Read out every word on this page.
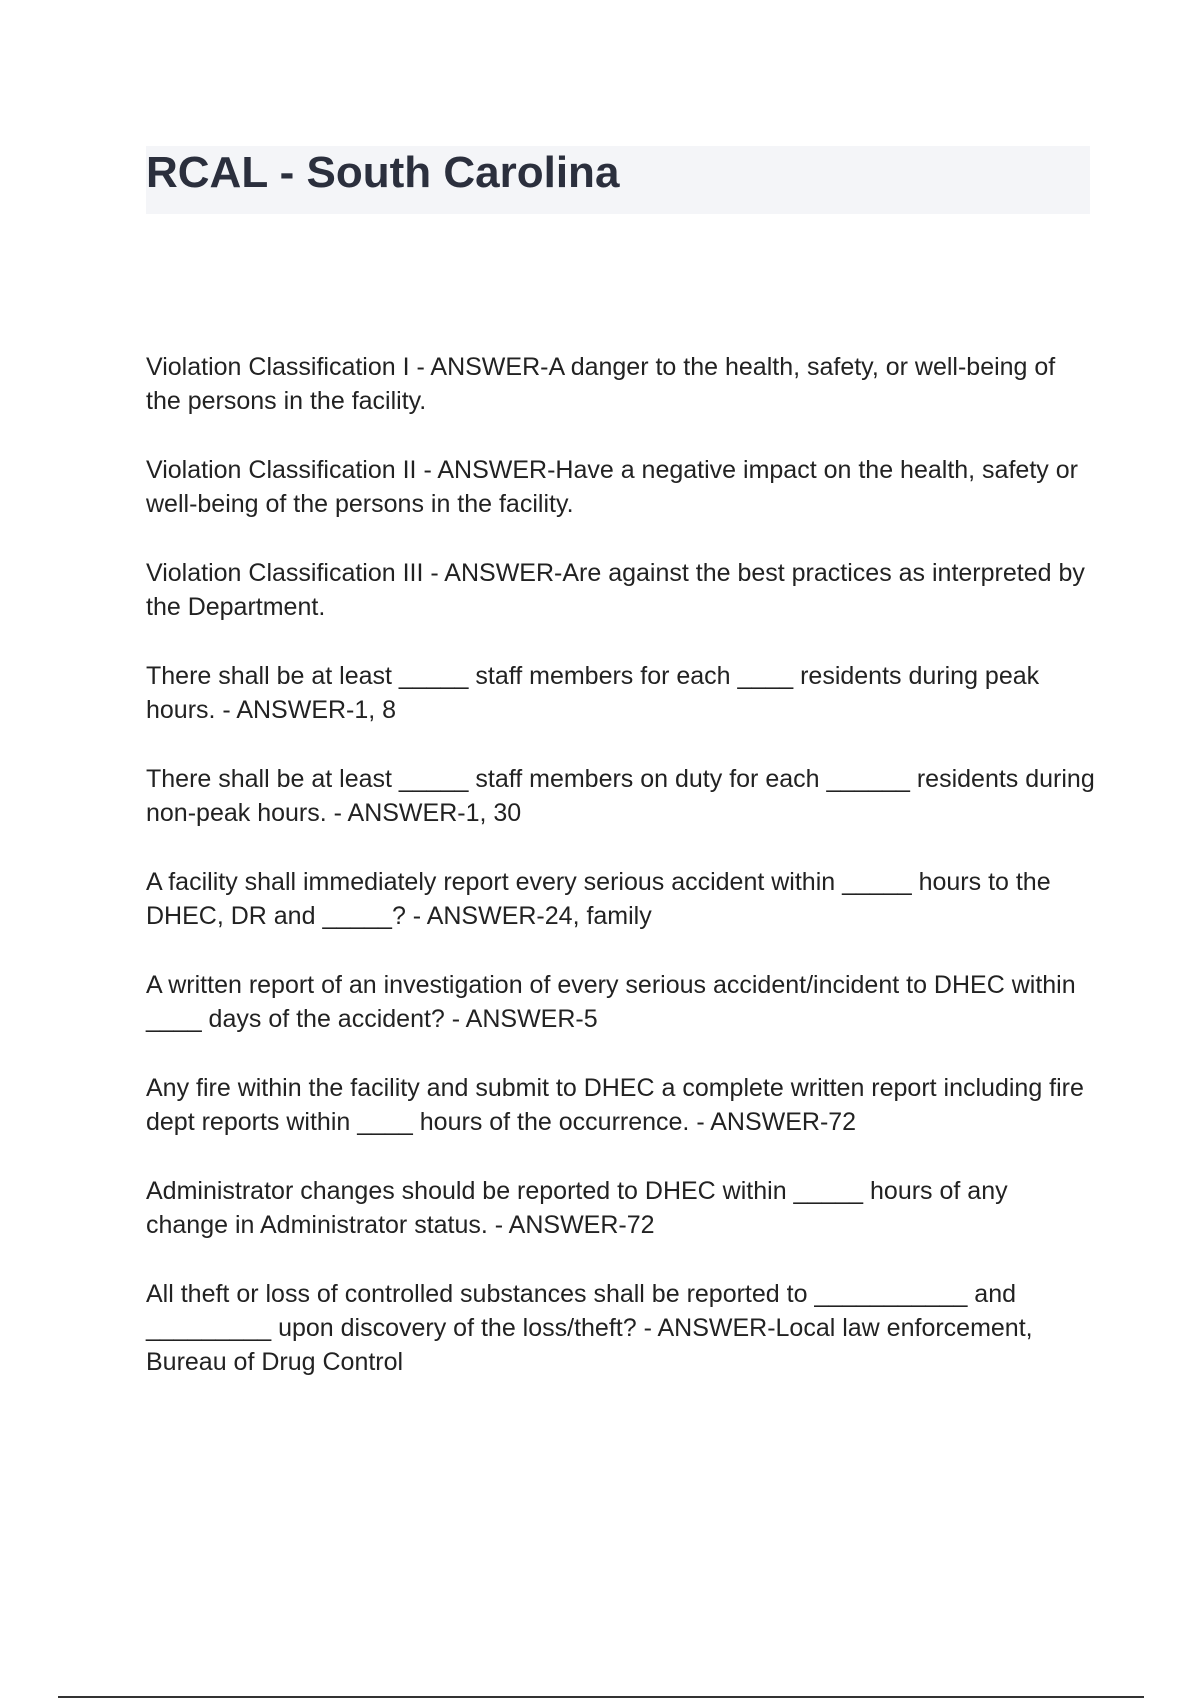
RCAL - South Carolina
Violation Classification I - ANSWER-A danger to the health, safety, or well-being of the persons in the facility.
Violation Classification II - ANSWER-Have a negative impact on the health, safety or well-being of the persons in the facility.
Violation Classification III - ANSWER-Are against the best practices as interpreted by the Department.
There shall be at least _____ staff members for each ____ residents during peak hours. - ANSWER-1, 8
There shall be at least _____ staff members on duty for each ______ residents during non-peak hours. - ANSWER-1, 30
A facility shall immediately report every serious accident within _____ hours to the DHEC, DR and _____? - ANSWER-24, family
A written report of an investigation of every serious accident/incident to DHEC within ____ days of the accident? - ANSWER-5
Any fire within the facility and submit to DHEC a complete written report including fire dept reports within ____ hours of the occurrence. - ANSWER-72
Administrator changes should be reported to DHEC within _____ hours of any change in Administrator status. - ANSWER-72
All theft or loss of controlled substances shall be reported to ___________ and _________ upon discovery of the loss/theft? - ANSWER-Local law enforcement, Bureau of Drug Control
